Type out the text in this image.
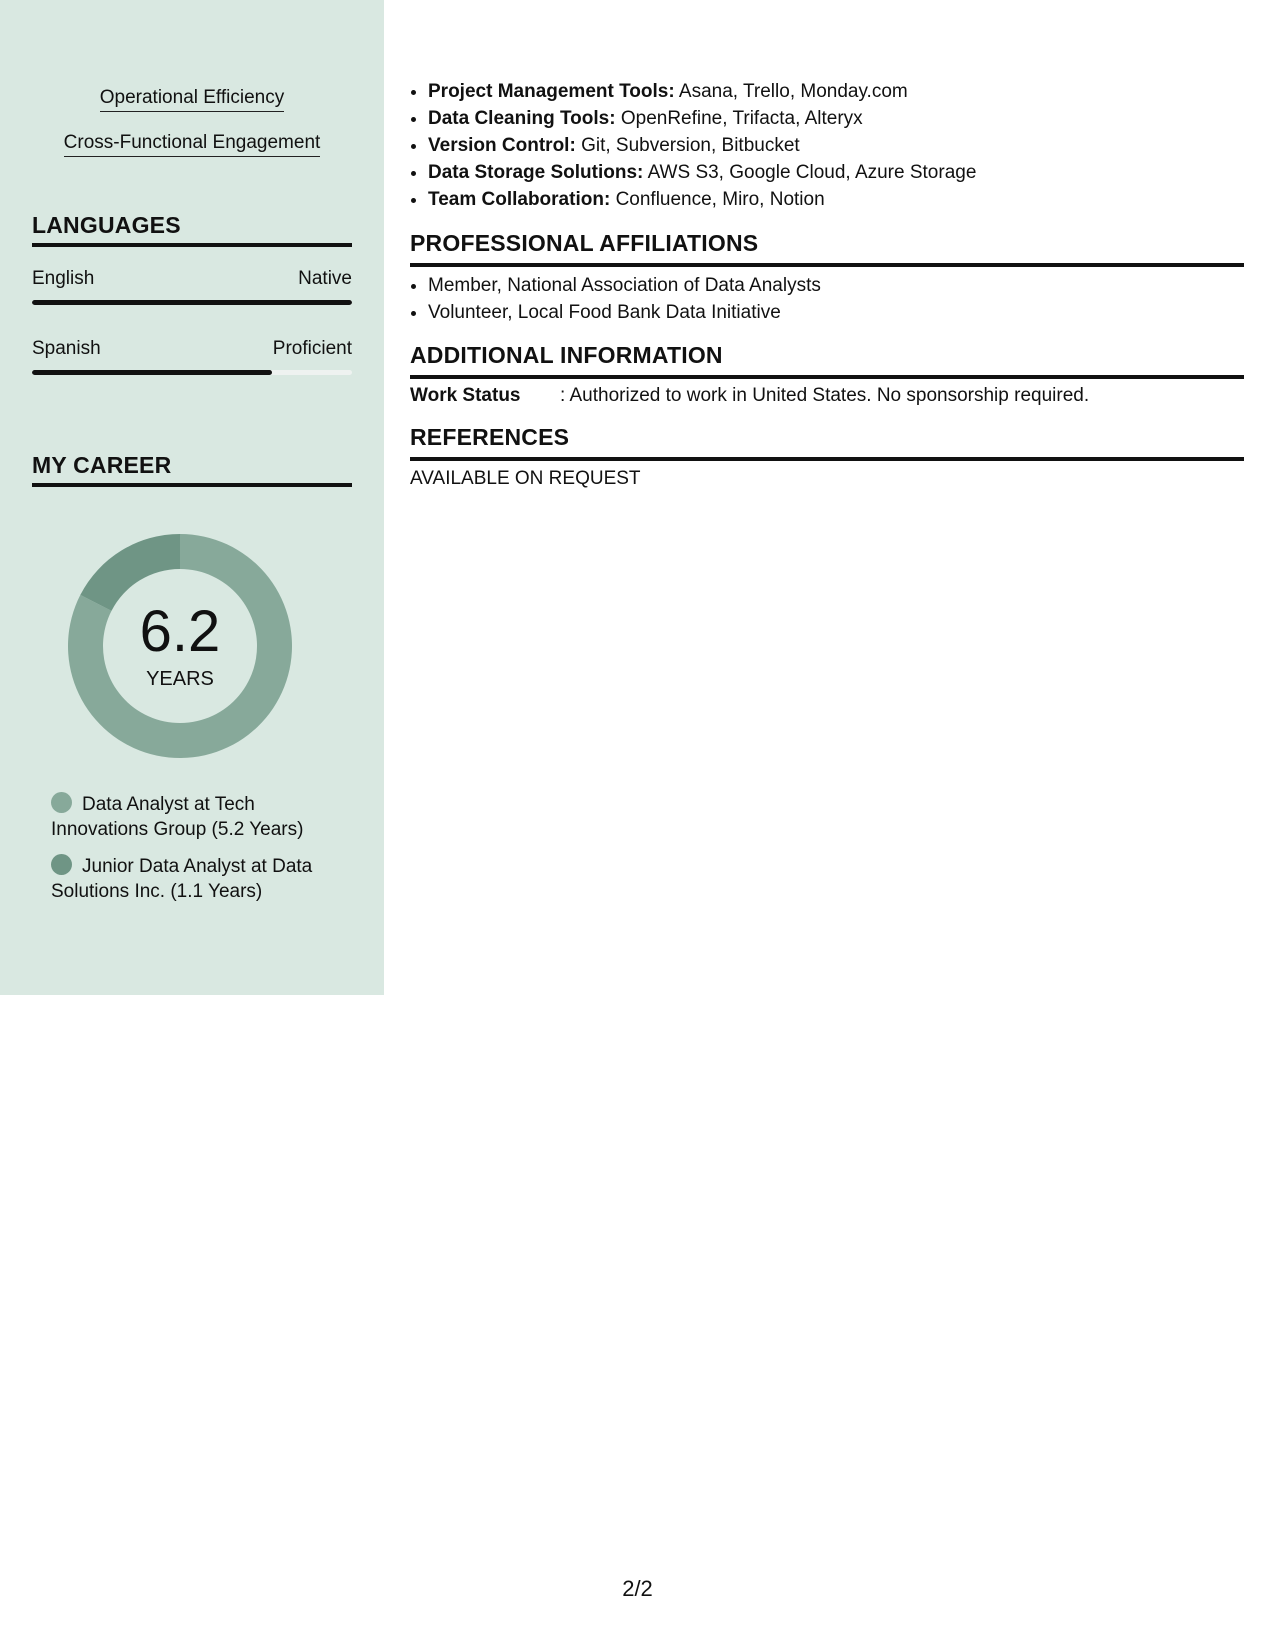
Operational Efficiency
Cross-Functional Engagement
LANGUAGES
English	Native
Spanish	Proficient
MY CAREER
6.2
YEARS
Data Analyst at Tech Innovations Group (5.2 Years)
Junior Data Analyst at Data Solutions Inc. (1.1 Years)
• Project Management Tools: Asana, Trello, Monday.com
• Data Cleaning Tools: OpenRefine, Trifacta, Alteryx
• Version Control: Git, Subversion, Bitbucket
• Data Storage Solutions: AWS S3, Google Cloud, Azure Storage
• Team Collaboration: Confluence, Miro, Notion
PROFESSIONAL AFFILIATIONS
• Member, National Association of Data Analysts
• Volunteer, Local Food Bank Data Initiative
ADDITIONAL INFORMATION
Work Status : Authorized to work in United States. No sponsorship required.
REFERENCES
AVAILABLE ON REQUEST
2/2
